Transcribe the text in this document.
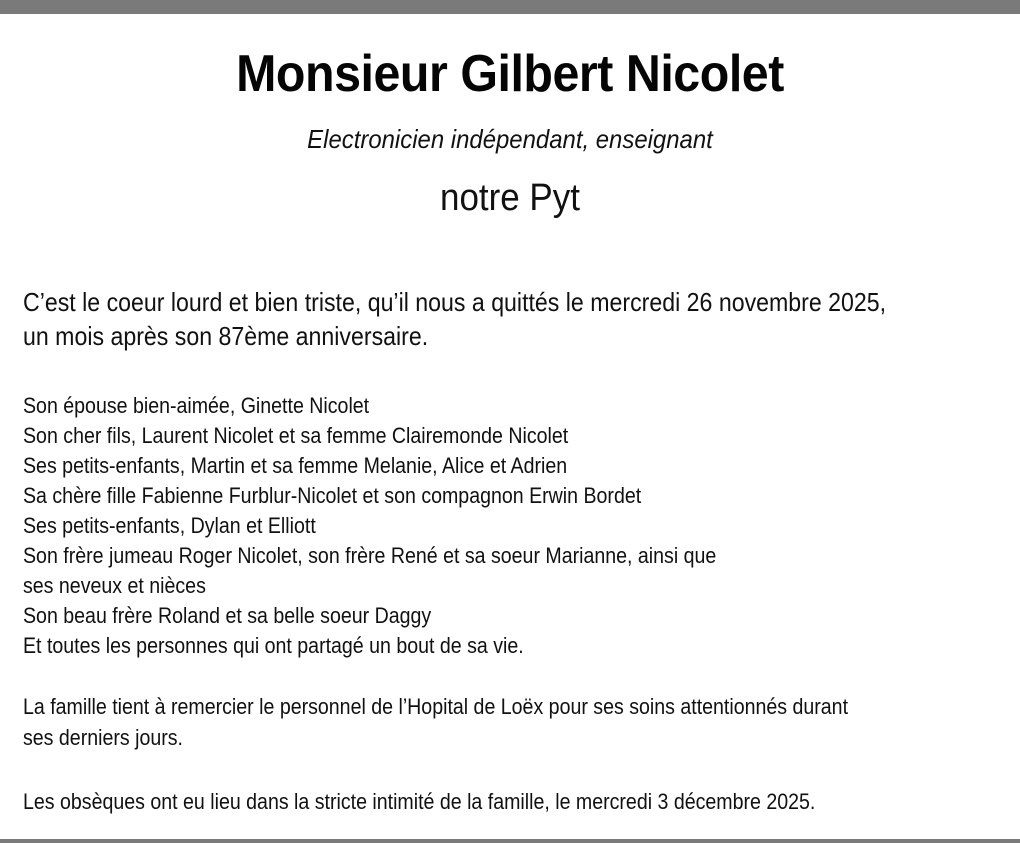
Monsieur Gilbert Nicolet
Electronicien indépendant, enseignant
notre Pyt
C’est le coeur lourd et bien triste, qu’il nous a quittés le mercredi 26 novembre 2025,
un mois après son 87ème anniversaire.
Son épouse bien-aimée, Ginette Nicolet
Son cher fils, Laurent Nicolet et sa femme Clairemonde Nicolet
Ses petits-enfants, Martin et sa femme Melanie, Alice et Adrien
Sa chère fille Fabienne Furblur-Nicolet et son compagnon Erwin Bordet
Ses petits-enfants, Dylan et Elliott
Son frère jumeau Roger Nicolet, son frère René et sa soeur Marianne, ainsi que
ses neveux et nièces
Son beau frère Roland et sa belle soeur Daggy
Et toutes les personnes qui ont partagé un bout de sa vie.
La famille tient à remercier le personnel de l’Hopital de Loëx pour ses soins attentionnés durant
ses derniers jours.
Les obsèques ont eu lieu dans la stricte intimité de la famille, le mercredi 3 décembre 2025.
